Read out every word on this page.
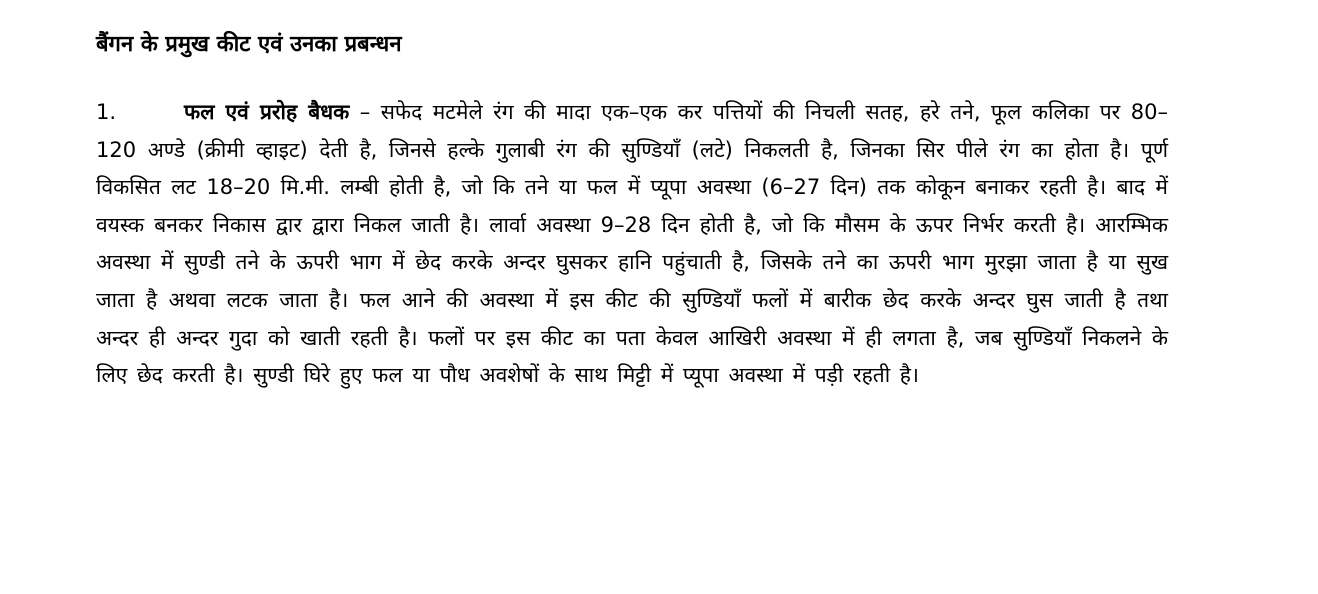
बैंगन के प्रमुख कीट एवं उनका प्रबन्धन

1.	फल एवं प्ररोह बैधक – सफेद मटमेले रंग की मादा एक–एक कर पत्तियों की निचली सतह, हरे तने, फूल कलिका पर 80–120 अण्डे (क्रीमी व्हाइट) देती है, जिनसे हल्के गुलाबी रंग की सुण्डियाँ (लटे) निकलती है, जिनका सिर पीले रंग का होता है। पूर्ण विकसित लट 18–20 मि.मी. लम्बी होती है, जो कि तने या फल में प्यूपा अवस्था (6–27 दिन) तक कोकून बनाकर रहती है। बाद में वयस्क बनकर निकास द्वार द्वारा निकल जाती है। लार्वा अवस्था 9–28 दिन होती है, जो कि मौसम के ऊपर निर्भर करती है। आरम्भिक अवस्था में सुण्डी तने के ऊपरी भाग में छेद करके अन्दर घुसकर हानि पहुंचाती है, जिसके तने का ऊपरी भाग मुरझा जाता है या सुख जाता है अथवा लटक जाता है। फल आने की अवस्था में इस कीट की सुण्डियाँ फलों में बारीक छेद करके अन्दर घुस जाती है तथा अन्दर ही अन्दर गुदा को खाती रहती है। फलों पर इस कीट का पता केवल आखिरी अवस्था में ही लगता है, जब सुण्डियाँ निकलने के लिए छेद करती है। सुण्डी घिरे हुए फल या पौध अवशेषों के साथ मिट्टी में प्यूपा अवस्था में पड़ी रहती है।
